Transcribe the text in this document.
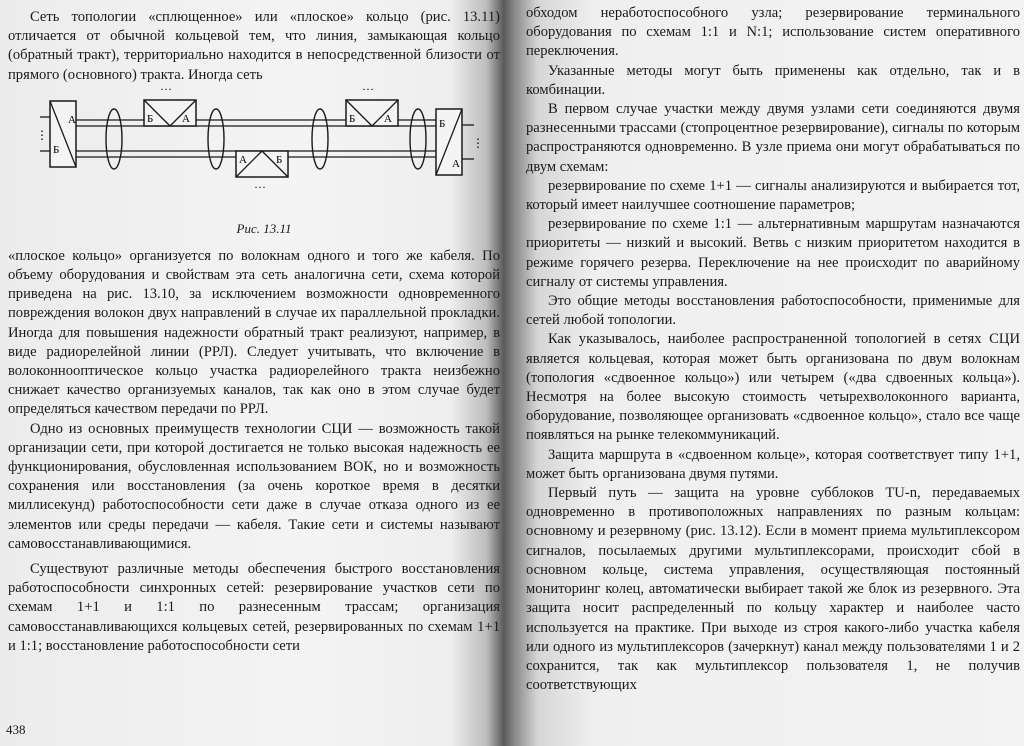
Сеть топологии «сплющенное» или «плоское» кольцо (рис. 13.11) отличается от обычной кольцевой тем, что линия, замыкающая кольцо (обратный тракт), территориально находится в непосредственной близости от прямого (основного) тракта. Иногда сеть

А
Б
⋮
Б	А
···
А	Б
···
Б	А
···
Б
А
⋮

Рис. 13.11

«плоское кольцо» организуется по волокнам одного и того же кабеля. По объему оборудования и свойствам эта сеть аналогична сети, схема которой приведена на рис. 13.10, за исключением возможности одновременного повреждения волокон двух направлений в случае их параллельной прокладки. Иногда для повышения надежности обратный тракт реализуют, например, в виде радиорелейной линии (РРЛ). Следует учитывать, что включение в волоконнооптическое кольцо участка радиорелейного тракта неизбежно снижает качество организуемых каналов, так как оно в этом случае будет определяться качеством передачи по РРЛ.

Одно из основных преимуществ технологии СЦИ — возможность такой организации сети, при которой достигается не только высокая надежность ее функционирования, обусловленная использованием ВОК, но и возможность сохранения или восстановления (за очень короткое время в десятки миллисекунд) работоспособности сети даже в случае отказа одного из ее элементов или среды передачи — кабеля. Такие сети и системы называют самовосстанавливающимися.

Существуют различные методы обеспечения быстрого восстановления работоспособности синхронных сетей: резервирование участков сети по схемам 1+1 и 1:1 по разнесенным трассам; организация самовосстанавливающихся кольцевых сетей, резервированных по схемам 1+1 и 1:1; восстановление работоспособности сети

438

обходом неработоспособного узла; резервирование терминального оборудования по схемам 1:1 и N:1; использование систем оперативного переключения.

Указанные методы могут быть применены как отдельно, так и в комбинации.

В первом случае участки между двумя узлами сети соединяются двумя разнесенными трассами (стопроцентное резервирование), сигналы по которым распространяются одновременно. В узле приема они могут обрабатываться по двум схемам:

резервирование по схеме 1+1 — сигналы анализируются и выбирается тот, который имеет наилучшее соотношение параметров;

резервирование по схеме 1:1 — альтернативным маршрутам назначаются приоритеты — низкий и высокий. Ветвь с низким приоритетом находится в режиме горячего резерва. Переключение на нее происходит по аварийному сигналу от системы управления.

Это общие методы восстановления работоспособности, применимые для сетей любой топологии.

Как указывалось, наиболее распространенной топологией в сетях СЦИ является кольцевая, которая может быть организована по двум волокнам (топология «сдвоенное кольцо») или четырем («два сдвоенных кольца»). Несмотря на более высокую стоимость четырехволоконного варианта, оборудование, позволяющее организовать «сдвоенное кольцо», стало все чаще появляться на рынке телекоммуникаций.

Защита маршрута в «сдвоенном кольце», которая соответствует типу 1+1, может быть организована двумя путями.

Первый путь — защита на уровне субблоков TU-n, передаваемых одновременно в противоположных направлениях по разным кольцам: основному и резервному (рис. 13.12). Если в момент приема мультиплексором сигналов, посылаемых другими мультиплексорами, происходит сбой в основном кольце, система управления, осуществляющая постоянный мониторинг колец, автоматически выбирает такой же блок из резервного. Эта защита носит распределенный по кольцу характер и наиболее часто используется на практике. При выходе из строя какого-либо участка кабеля или одного из мультиплексоров (зачеркнут) канал между пользователями 1 и 2 сохранится, так как мультиплексор пользователя 1, не получив соответствующих
